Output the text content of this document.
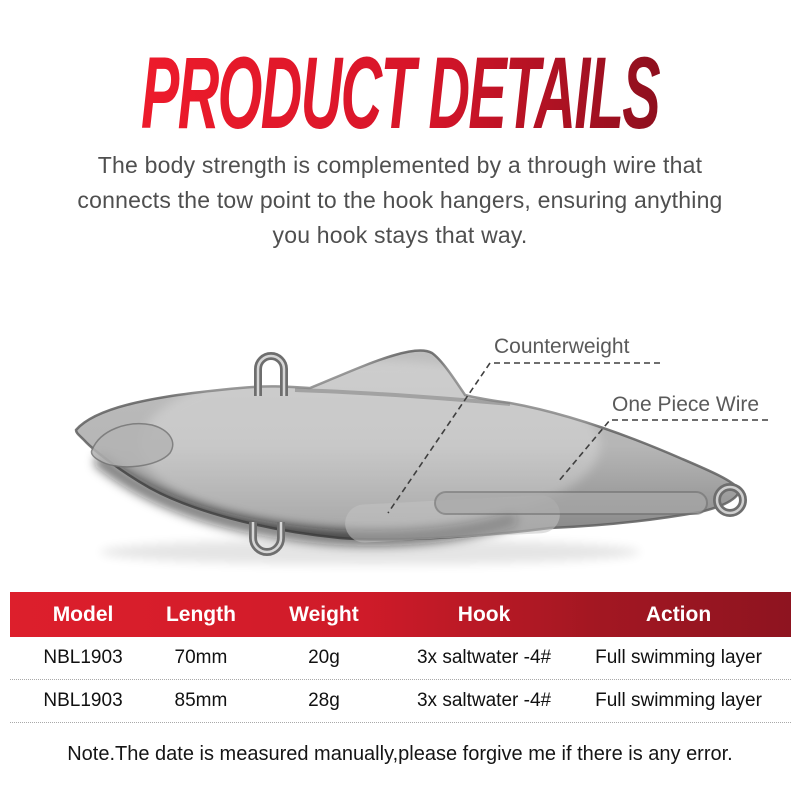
PRODUCT DETAILS
The body strength is complemented by a through wire that
connects the tow point to the hook hangers, ensuring anything
you hook stays that way.
Counterweight
One Piece Wire
Model	Length	Weight	Hook	Action
NBL1903	70mm	20g	3x saltwater -4#	Full swimming layer
NBL1903	85mm	28g	3x saltwater -4#	Full swimming layer
Note.The date is measured manually,please forgive me if there is any error.
